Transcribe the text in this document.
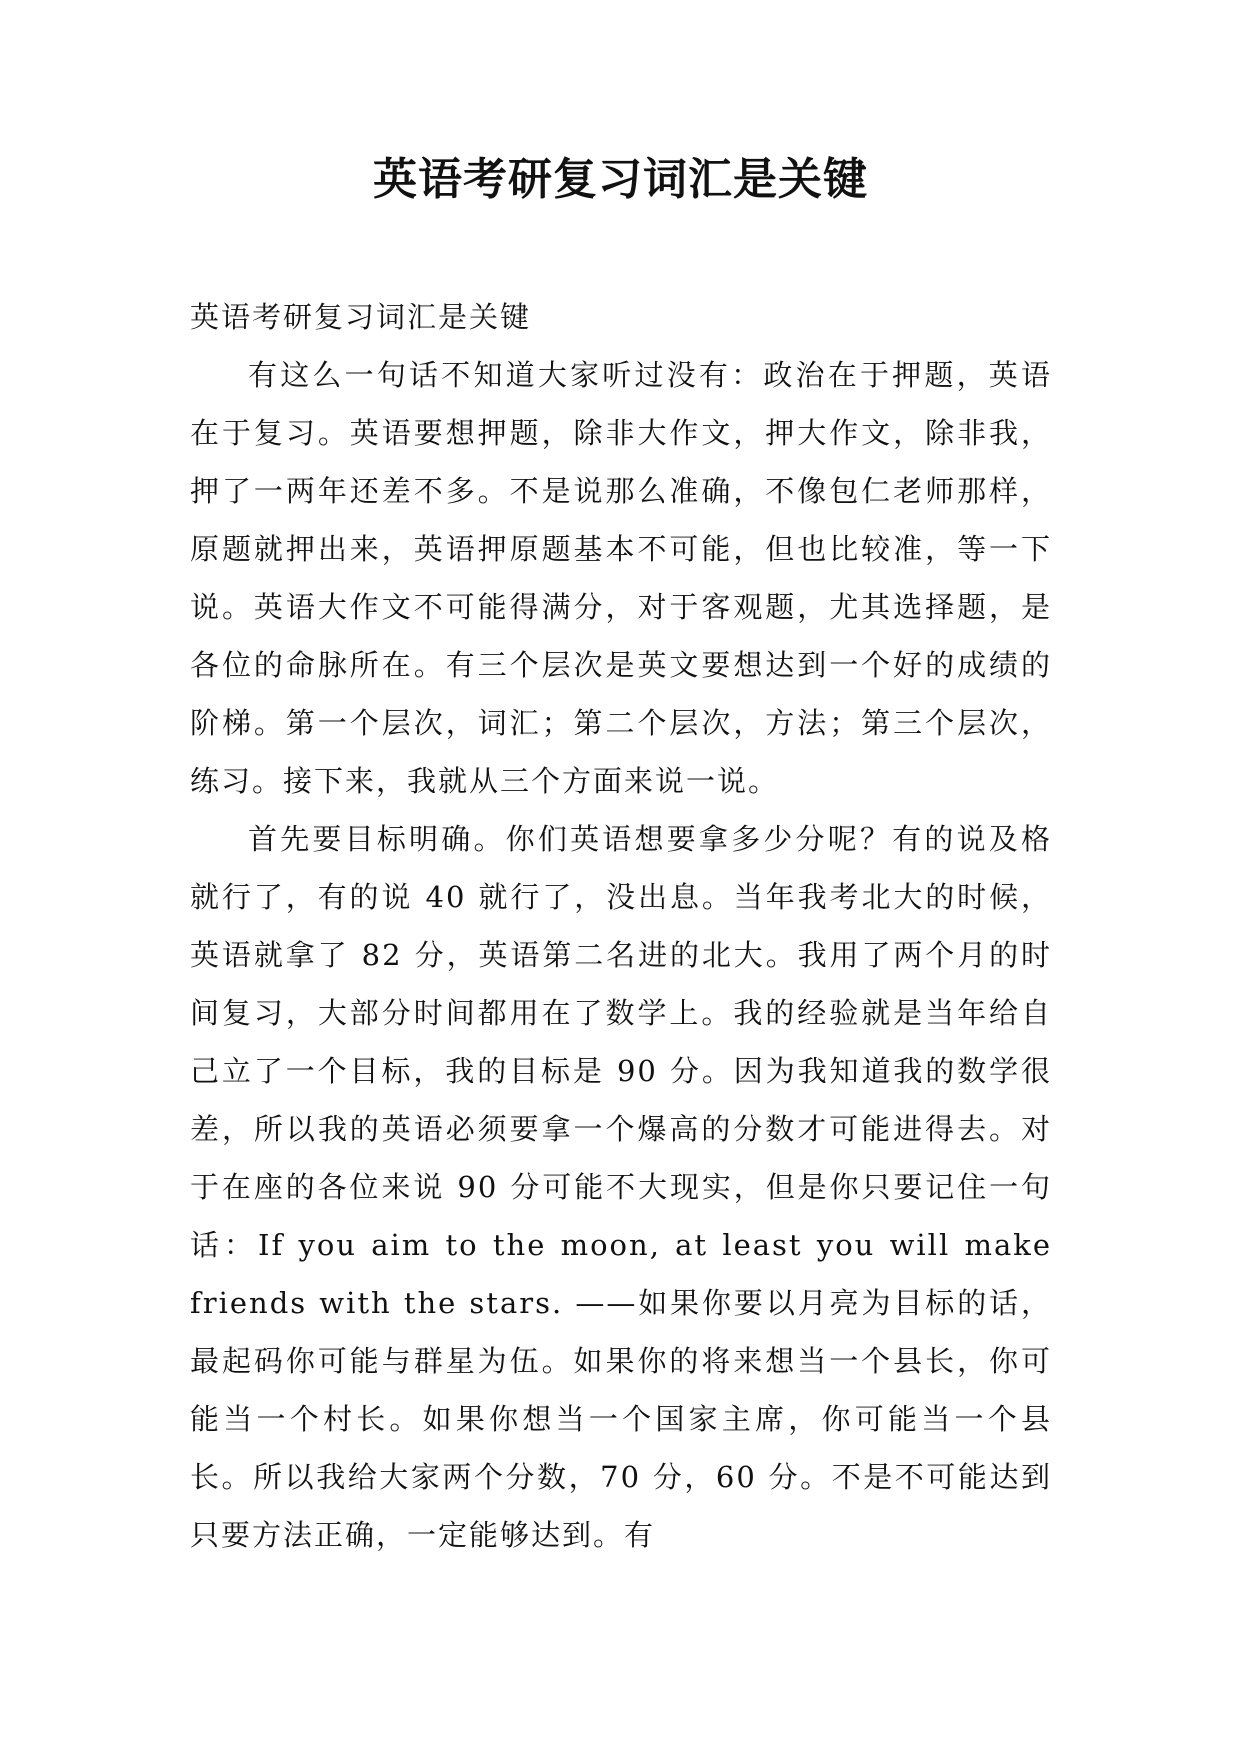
英语考研复习词汇是关键

英语考研复习词汇是关键

有这么一句话不知道大家听过没有：政治在于押题，英语在于复习。英语要想押题，除非大作文，押大作文，除非我，押了一两年还差不多。不是说那么准确，不像包仁老师那样，原题就押出来，英语押原题基本不可能，但也比较准，等一下说。英语大作文不可能得满分，对于客观题，尤其选择题，是各位的命脉所在。有三个层次是英文要想达到一个好的成绩的阶梯。第一个层次，词汇；第二个层次，方法；第三个层次，练习。接下来，我就从三个方面来说一说。

首先要目标明确。你们英语想要拿多少分呢？有的说及格就行了，有的说 40 就行了，没出息。当年我考北大的时候，英语就拿了 82 分，英语第二名进的北大。我用了两个月的时间复习，大部分时间都用在了数学上。我的经验就是当年给自己立了一个目标，我的目标是 90 分。因为我知道我的数学很差，所以我的英语必须要拿一个爆高的分数才可能进得去。对于在座的各位来说 90 分可能不大现实，但是你只要记住一句话：If you aim to the moon, at least you will make friends with the stars. ——如果你要以月亮为目标的话，最起码你可能与群星为伍。如果你的将来想当一个县长，你可能当一个村长。如果你想当一个国家主席，你可能当一个县长。所以我给大家两个分数，70 分，60 分。不是不可能达到 只要方法正确，一定能够达到。有
